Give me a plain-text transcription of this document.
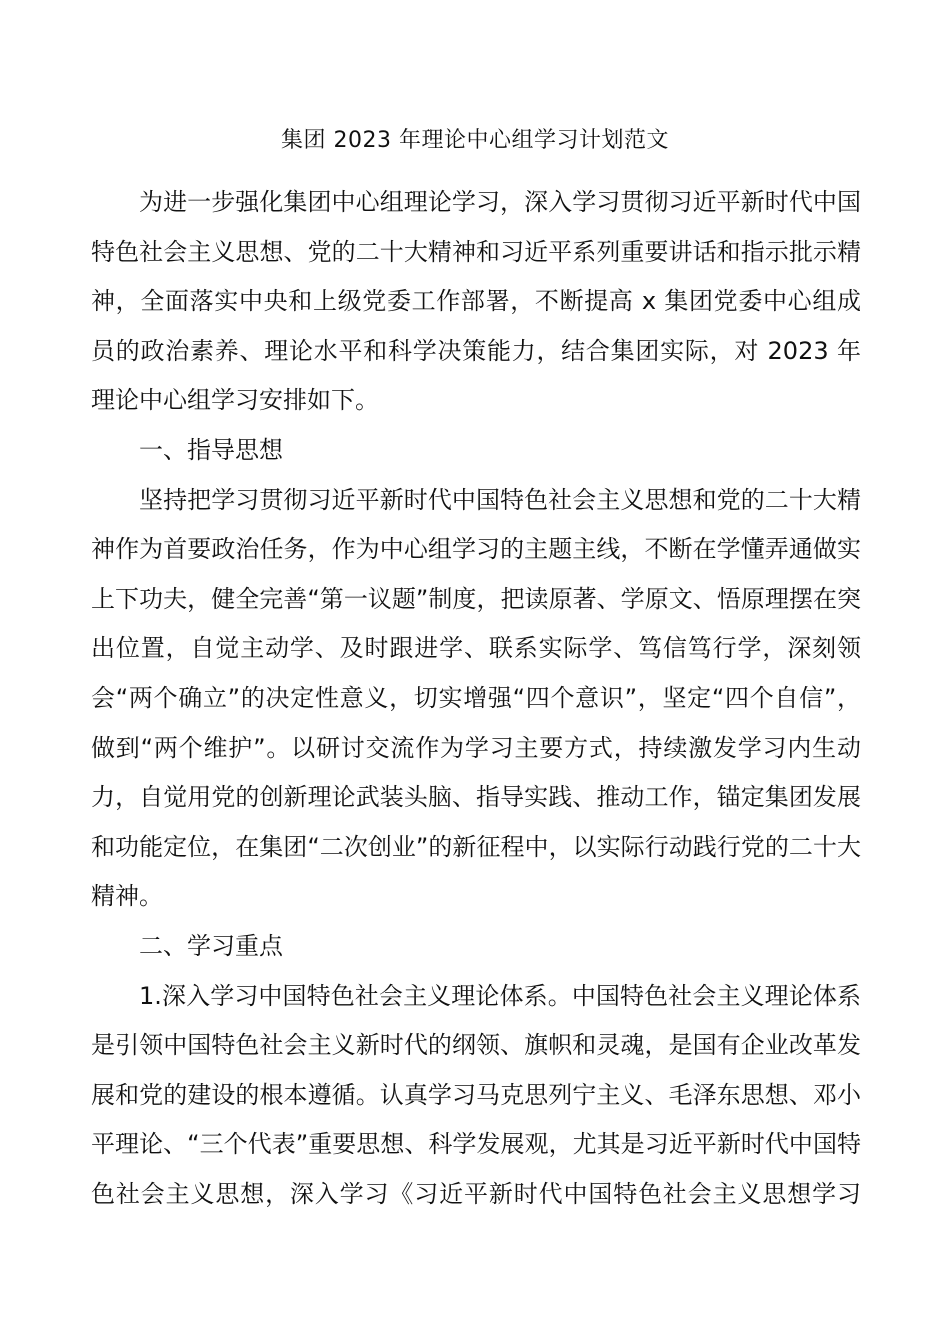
集团 2023 年理论中心组学习计划范文

为进一步强化集团中心组理论学习，深入学习贯彻习近平新时代中国特色社会主义思想、党的二十大精神和习近平系列重要讲话和指示批示精神，全面落实中央和上级党委工作部署，不断提高 x 集团党委中心组成员的政治素养、理论水平和科学决策能力，结合集团实际，对 2023 年理论中心组学习安排如下。

一、指导思想

坚持把学习贯彻习近平新时代中国特色社会主义思想和党的二十大精神作为首要政治任务，作为中心组学习的主题主线，不断在学懂弄通做实上下功夫，健全完善“第一议题”制度，把读原著、学原文、悟原理摆在突出位置，自觉主动学、及时跟进学、联系实际学、笃信笃行学，深刻领会“两个确立”的决定性意义，切实增强“四个意识”，坚定“四个自信”，做到“两个维护”。以研讨交流作为学习主要方式，持续激发学习内生动力，自觉用党的创新理论武装头脑、指导实践、推动工作，锚定集团发展和功能定位，在集团“二次创业”的新征程中，以实际行动践行党的二十大精神。

二、学习重点

1.深入学习中国特色社会主义理论体系。中国特色社会主义理论体系是引领中国特色社会主义新时代的纲领、旗帜和灵魂，是国有企业改革发展和党的建设的根本遵循。认真学习马克思列宁主义、毛泽东思想、邓小平理论、“三个代表”重要思想、科学发展观，尤其是习近平新时代中国特色社会主义思想，深入学习《习近平新时代中国特色社会主义思想学习
